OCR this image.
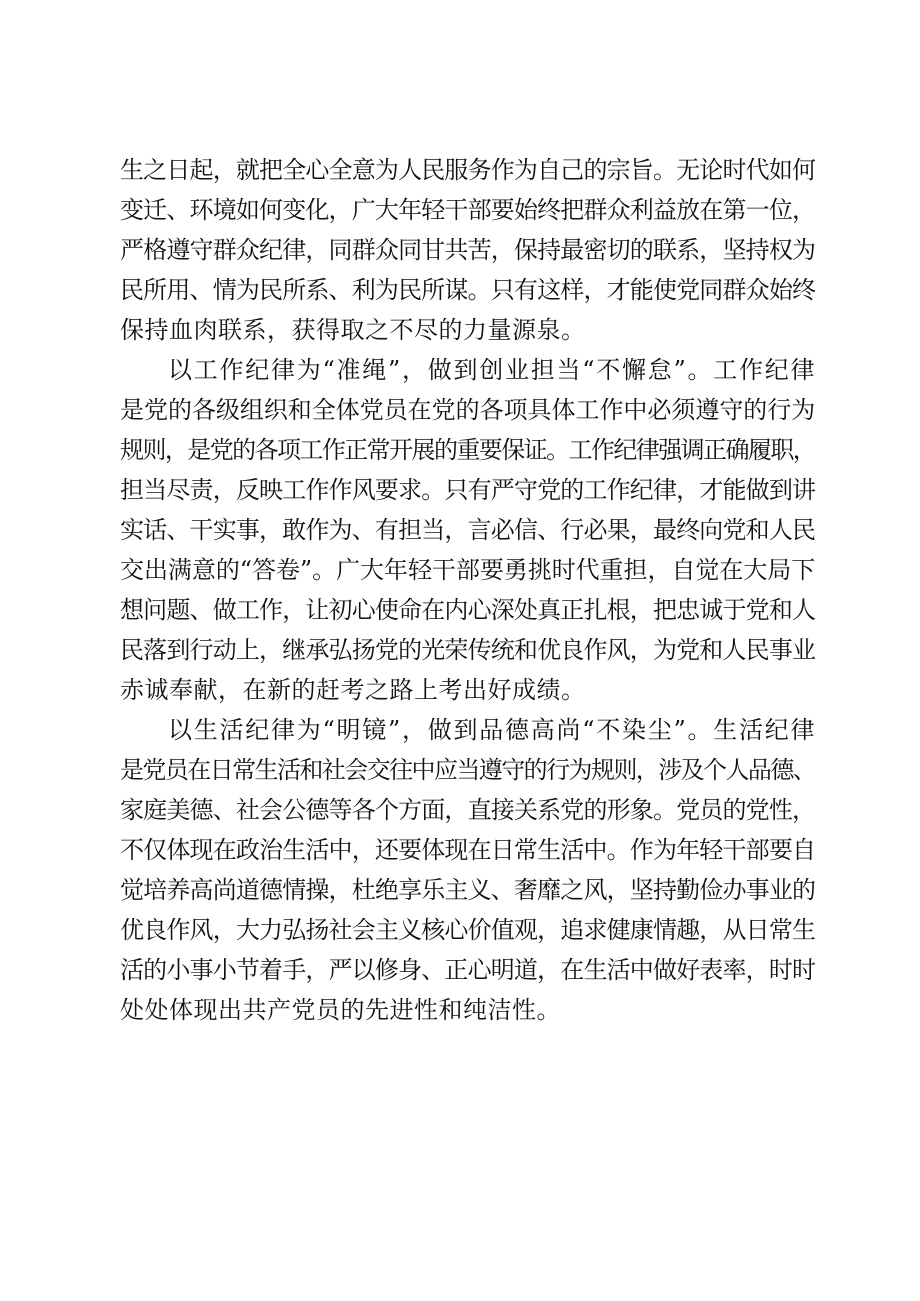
生之日起，就把全心全意为人民服务作为自己的宗旨。无论时代如何
变迁、环境如何变化，广大年轻干部要始终把群众利益放在第一位，
严格遵守群众纪律，同群众同甘共苦，保持最密切的联系，坚持权为
民所用、情为民所系、利为民所谋。只有这样，才能使党同群众始终
保持血肉联系，获得取之不尽的力量源泉。
以工作纪律为“准绳”，做到创业担当“不懈怠”。工作纪律
是党的各级组织和全体党员在党的各项具体工作中必须遵守的行为
规则，是党的各项工作正常开展的重要保证。工作纪律强调正确履职，
担当尽责，反映工作作风要求。只有严守党的工作纪律，才能做到讲
实话、干实事，敢作为、有担当，言必信、行必果，最终向党和人民
交出满意的“答卷”。广大年轻干部要勇挑时代重担，自觉在大局下
想问题、做工作，让初心使命在内心深处真正扎根，把忠诚于党和人
民落到行动上，继承弘扬党的光荣传统和优良作风，为党和人民事业
赤诚奉献，在新的赶考之路上考出好成绩。
以生活纪律为“明镜”，做到品德高尚“不染尘”。生活纪律
是党员在日常生活和社会交往中应当遵守的行为规则，涉及个人品德、
家庭美德、社会公德等各个方面，直接关系党的形象。党员的党性，
不仅体现在政治生活中，还要体现在日常生活中。作为年轻干部要自
觉培养高尚道德情操，杜绝享乐主义、奢靡之风，坚持勤俭办事业的
优良作风，大力弘扬社会主义核心价值观，追求健康情趣，从日常生
活的小事小节着手，严以修身、正心明道，在生活中做好表率，时时
处处体现出共产党员的先进性和纯洁性。
